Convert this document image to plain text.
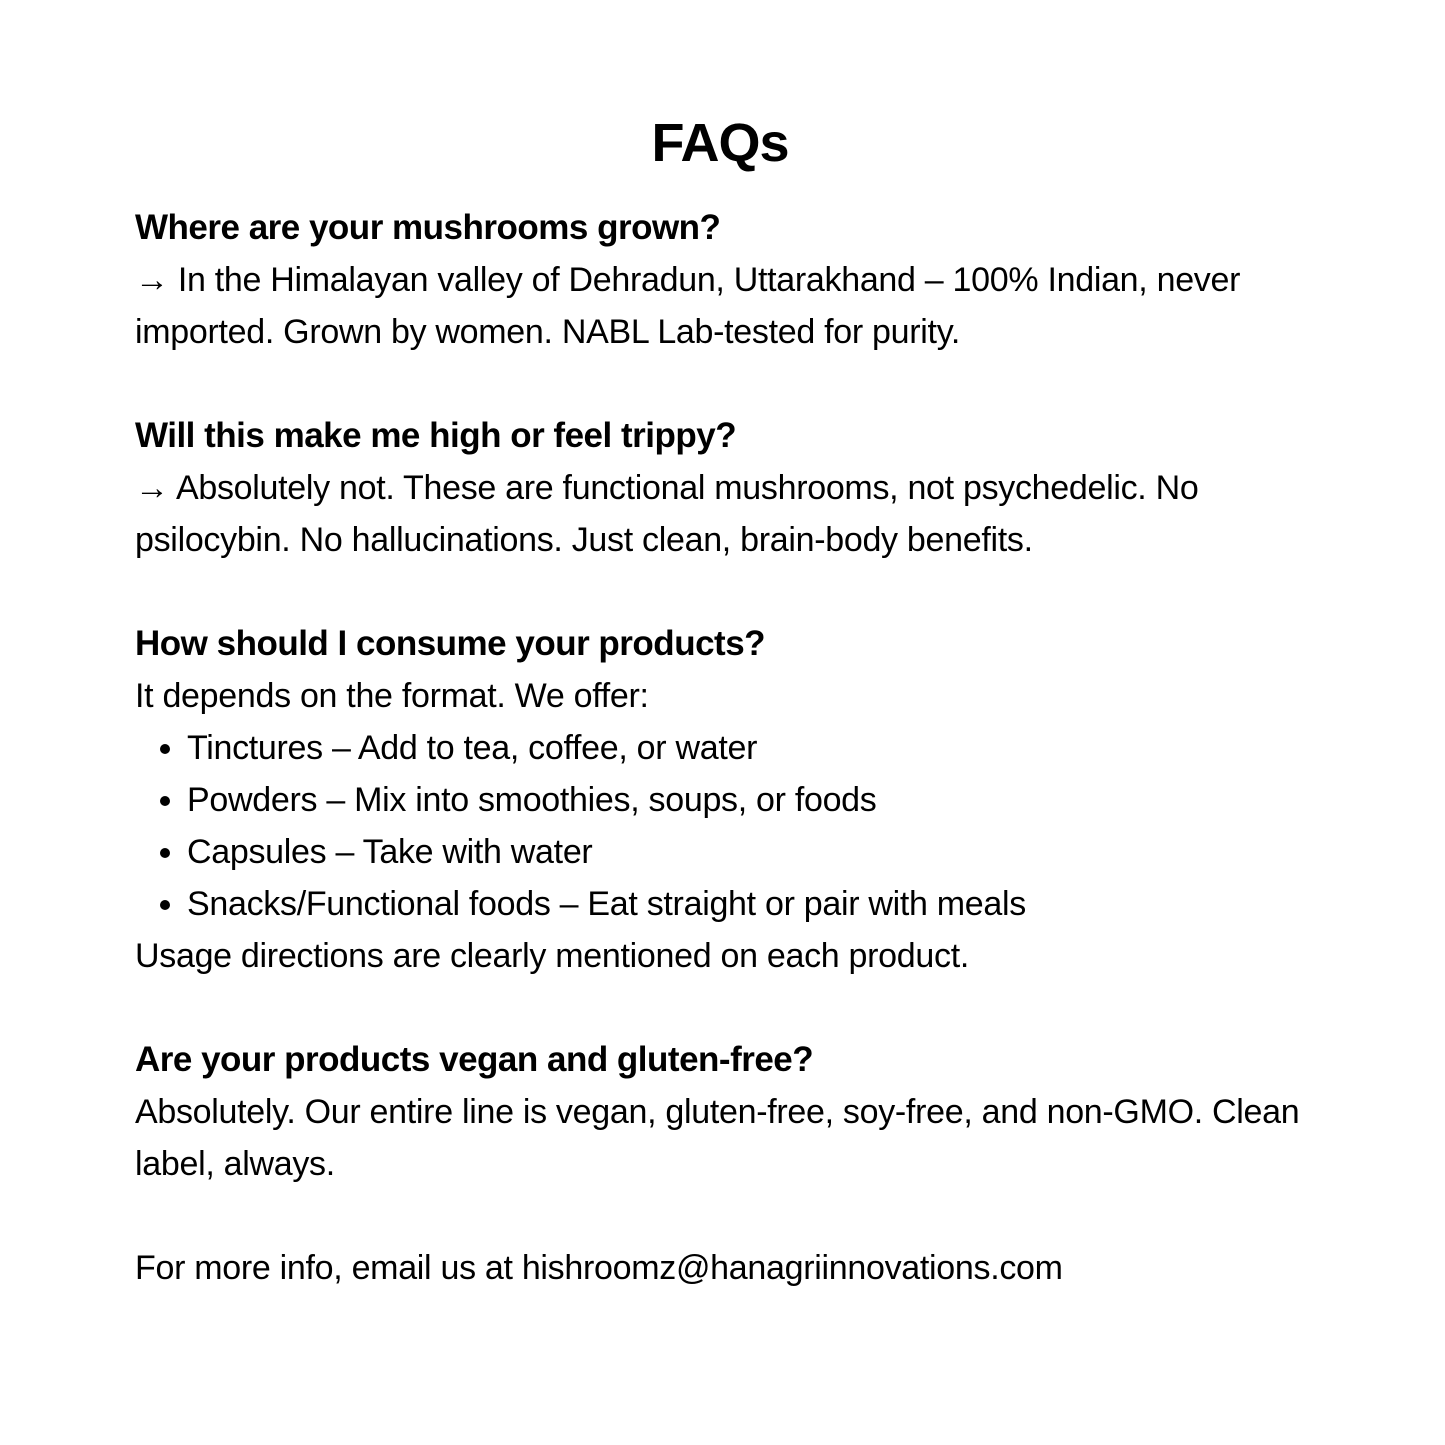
FAQs
Where are your mushrooms grown?

→ In the Himalayan valley of Dehradun, Uttarakhand – 100% Indian, never imported. Grown by women. NABL Lab-tested for purity.

Will this make me high or feel trippy?

→ Absolutely not. These are functional mushrooms, not psychedelic. No psilocybin. No hallucinations. Just clean, brain-body benefits.

How should I consume your products?

It depends on the format. We offer:

• Tinctures – Add to tea, coffee, or water
• Powders – Mix into smoothies, soups, or foods
• Capsules – Take with water
• Snacks/Functional foods – Eat straight or pair with meals

Usage directions are clearly mentioned on each product.

Are your products vegan and gluten-free?

Absolutely. Our entire line is vegan, gluten-free, soy-free, and non-GMO. Clean label, always.

For more info, email us at hishroomz@hanagriinnovations.com
